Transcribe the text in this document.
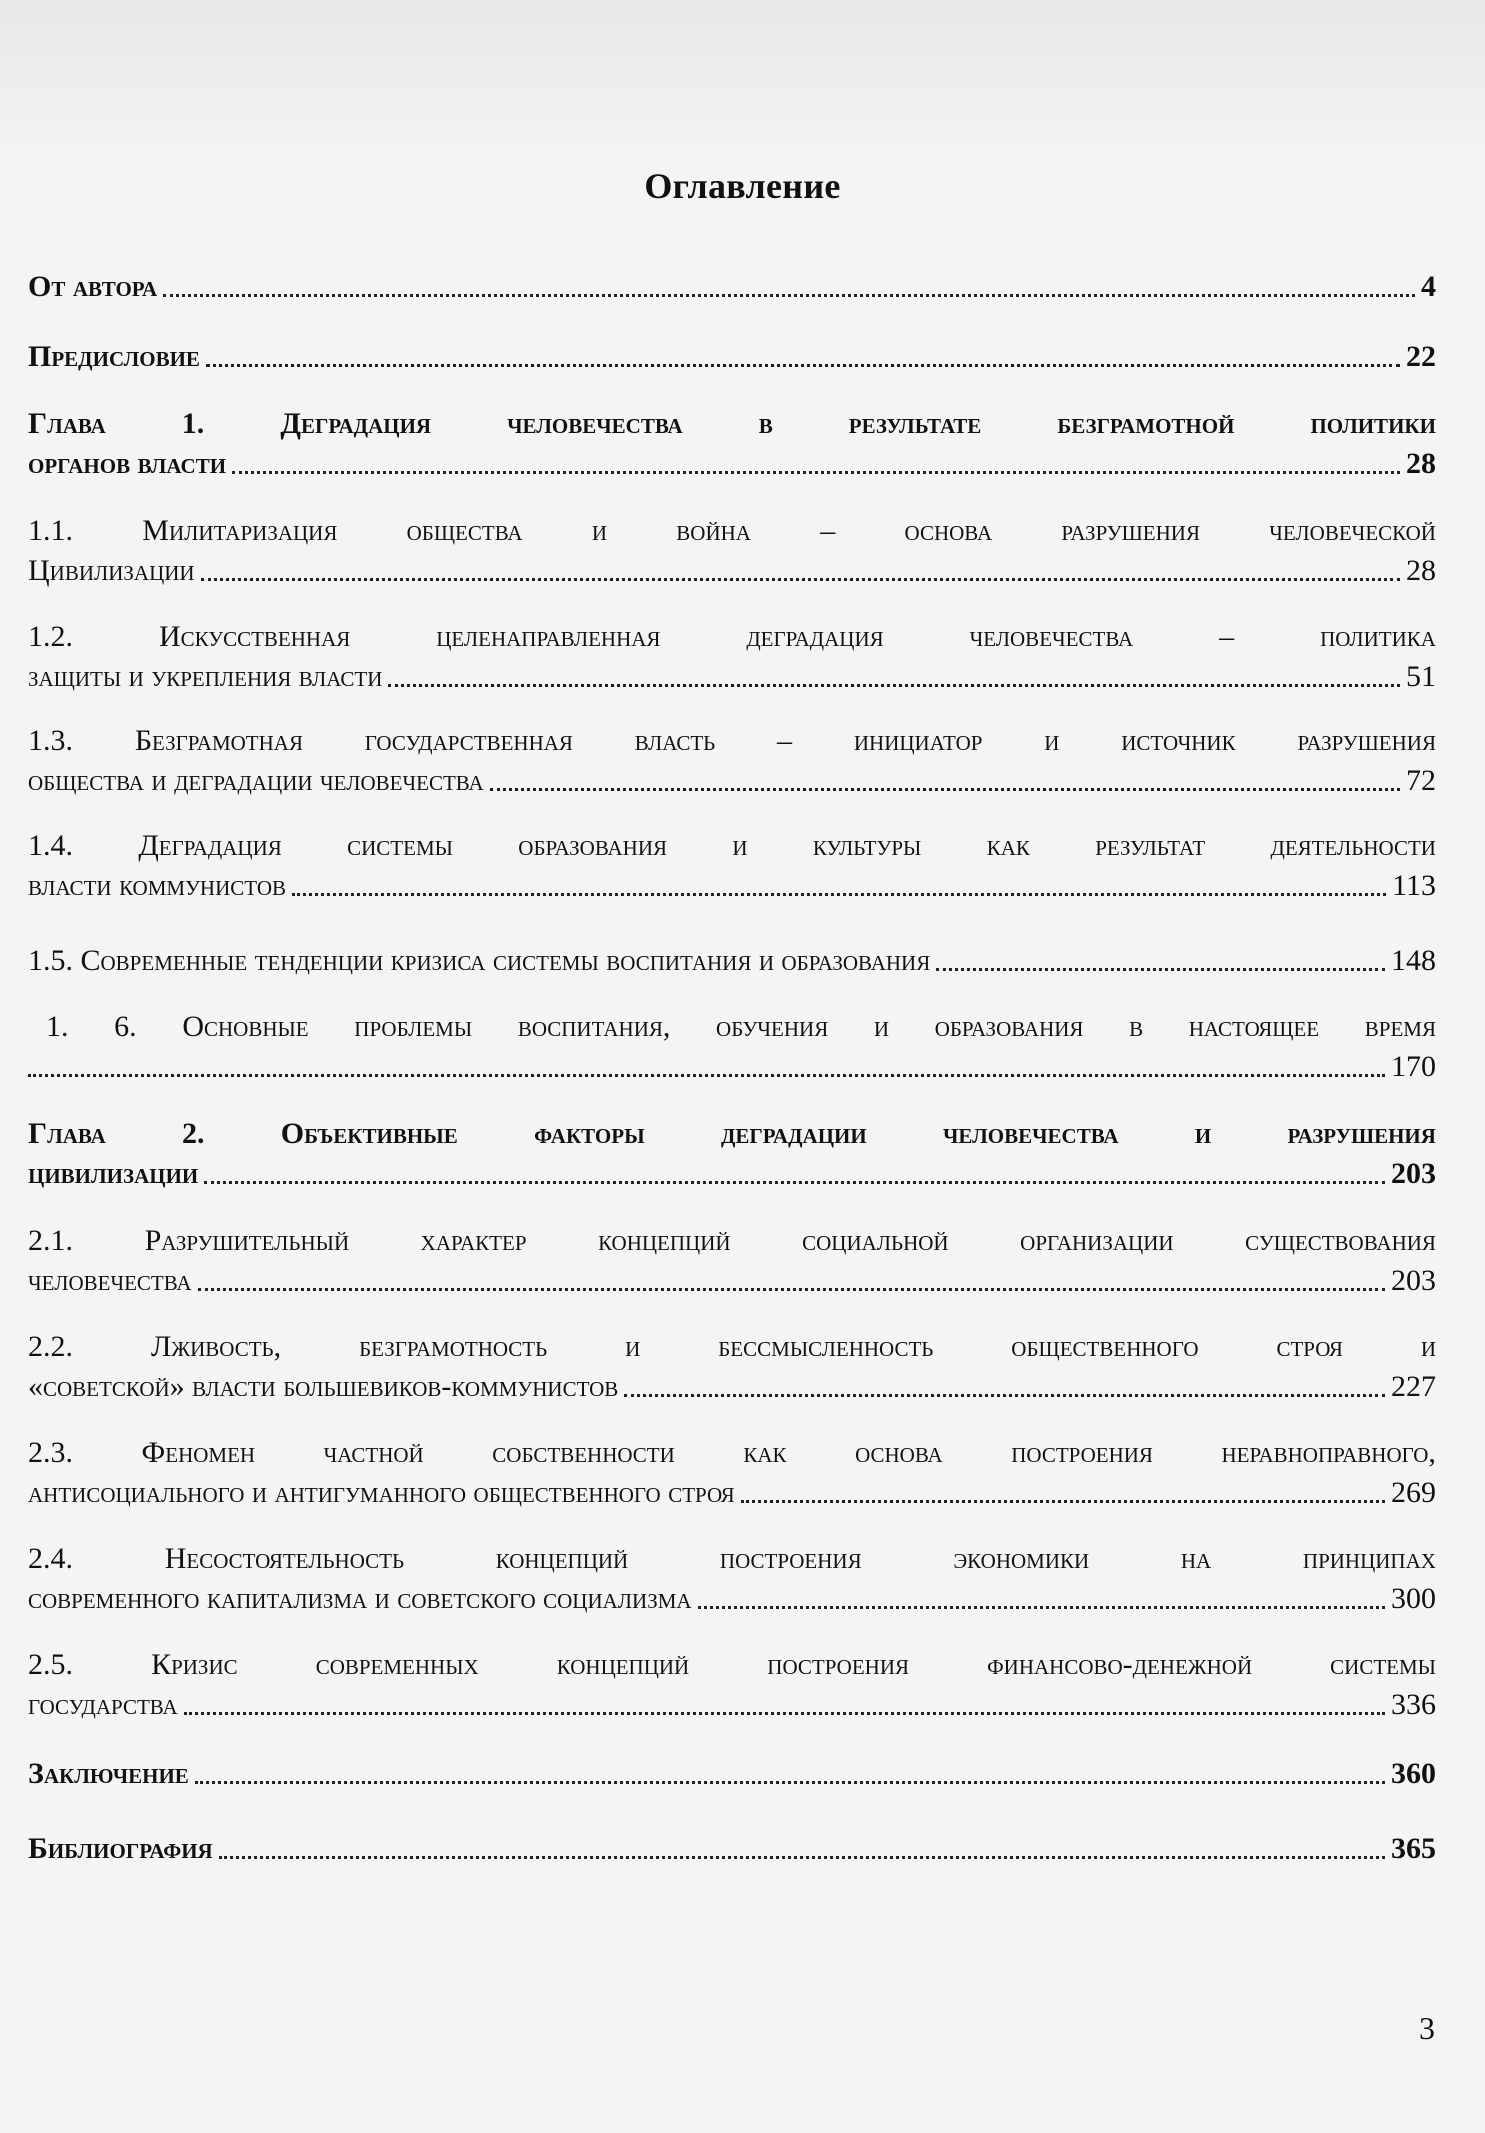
Оглавление
От автора	4
Предисловие	22
Глава	1.	Деградация	человечества	в	результате	безграмотной	политики
органов власти	28
1.1. Милитаризация общества и война – основа разрушения человеческой
Цивилизации	28
1.2.	Искусственная	целенаправленная	деградация	человечества	–	политика
защиты и укрепления власти	51
1.3. Безграмотная государственная власть – инициатор и источник разрушения
общества и деградации человечества	72
1.4. Деградация системы образования и культуры как результат деятельности
власти коммунистов	113
1.5. Современные тенденции кризиса системы воспитания и образования	148
1. 6. Основные проблемы воспитания, обучения и образования в настоящее время
170
Глава	2.	Объективные	факторы	деградации	человечества	и	разрушения
цивилизации	203
2.1. Разрушительный характер концепций социальной организации существования
человечества	203
2.2.	Лживость,	безграмотность	и	бессмысленность	общественного	строя	и
«советской» власти большевиков-коммунистов	227
2.3. Феномен частной собственности как основа построения неравноправного,
антисоциального и антигуманного общественного строя	269
2.4.	Несостоятельность	концепций	построения	экономики	на	принципах
современного капитализма и советского социализма	300
2.5.	Кризис	современных	концепций	построения	финансово-денежной	системы
государства	336
Заключение	360
Библиография	365
3
